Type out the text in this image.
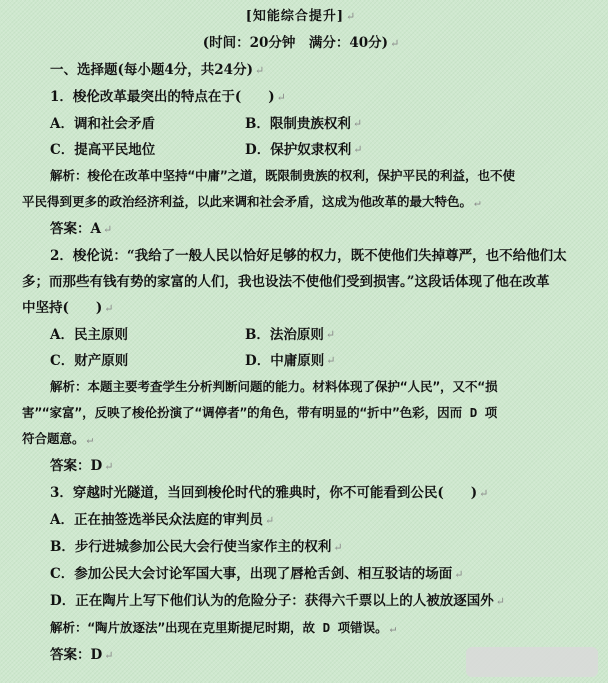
[知能综合提升] ↵
(时间：20分钟　满分：40分) ↵
一、选择题(每小题4分，共24分) ↵
1．梭伦改革最突出的特点在于(　　) ↵
A．调和社会矛盾	B．限制贵族权利 ↵
C．提高平民地位	D．保护奴隶权利 ↵
解析：梭伦在改革中坚持“中庸”之道，既限制贵族的权利，保护平民的利益，也不使
平民得到更多的政治经济利益，以此来调和社会矛盾，这成为他改革的最大特色。 ↵
答案：A ↵
2．梭伦说：“我给了一般人民以恰好足够的权力，既不使他们失掉尊严，也不给他们太
多；而那些有钱有势的家富的人们，我也设法不使他们受到损害。”这段话体现了他在改革
中坚持(　　) ↵
A．民主原则	B．法治原则 ↵
C．财产原则	D．中庸原则 ↵
解析：本题主要考查学生分析判断问题的能力。材料体现了保护“人民”，又不“损
害”“家富”，反映了梭伦扮演了“调停者”的角色，带有明显的“折中”色彩，因而 D 项
符合题意。 ↵
答案：D ↵
3．穿越时光隧道，当回到梭伦时代的雅典时，你不可能看到公民(　　) ↵
A．正在抽签选举民众法庭的审判员 ↵
B．步行进城参加公民大会行使当家作主的权利 ↵
C．参加公民大会讨论军国大事，出现了唇枪舌剑、相互驳诘的场面 ↵
D．正在陶片上写下他们认为的危险分子：获得六千票以上的人被放逐国外 ↵
解析：“陶片放逐法”出现在克里斯提尼时期，故 D 项错误。 ↵
答案：D ↵
